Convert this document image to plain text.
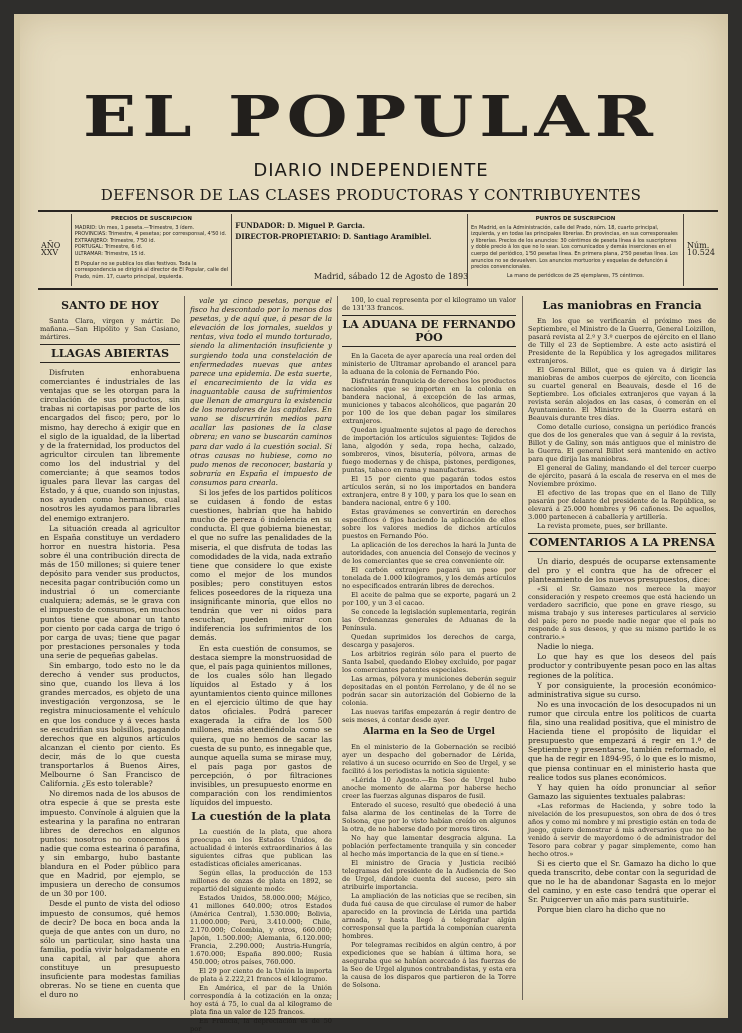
EL POPULAR
DIARIO INDEPENDIENTE
DEFENSOR DE LAS CLASES PRODUCTORAS Y CONTRIBUYENTES
AÑO XXV
PRECIOS DE SUSCRIPCION
MADRID: Un mes, 1 peseta.—Trimestre, 3 ídem.
PROVINCIAS: Trimestre, 4 pesetas; por corresponsal, 4'50 id.
EXTRANJERO: Trimestre, 7'50 id.
PORTUGAL: Trimestre, 6 id.
ULTRAMAR: Trimestre, 15 id.
El Popular no se publica los días festivos. Toda la correspondencia se dirigirá al director de El Popular, calle del Prado, núm. 17, cuarto principal, izquierda.
FUNDADOR: D. Miguel P. Garcia.
DIRECTOR-PROPIETARIO: D. Santiago Aramiblel.
PUNTOS DE SUSCRIPCION
En Madrid, en la Administración, calle del Prado, núm. 18, cuarto principal, izquierda, y en todas las principales librerías. En provincias, en sus corresponsales y librerías. Precios de los anuncios: 30 céntimos de peseta línea á los suscriptores y doble precio á los que no lo sean. Los comunicados y demás inserciones en el cuerpo del periódico, 1'50 pesetas línea. En primera plana, 2'50 pesetas línea. Los anuncios no se devuelven. Los anuncios mortuorios y esquelas de defunción á precios convencionales.
La mano de periódicos de 25 ejemplares, 75 céntimos.
Núm. 10.524
Madrid, sábado 12 de Agosto de 1893
SANTO DE HOY
Santa Clara, virgen y mártir. De mañana.—San Hipólito y San Casiano, mártires.
LLAGAS ABIERTAS
Disfruten enhorabuena comerciantes é industriales de las ventajas que se les otorgan para la circulación de sus productos, sin trabas ni cortapisas por parte de los encargados del fisco; pero, por lo mismo, hay derecho á exigir que en el siglo de la igualdad, de la libertad y de la fraternidad, los productos del agricultor circulen tan libremente como los del industrial y del comerciante; á que seamos todos iguales para llevar las cargas del Estado, y á que, cuando son injustas, nos ayuden como hermanos, cual nosotros les ayudamos para librarles del enemigo extranjero.
La situación creada al agricultor en España constituye un verdadero horror en nuestra historia. Pesa sobre él una contribución directa de más de 150 millones; si quiere tener depósito para vender sus productos, necesita pagar contribución como un industrial ó un comerciante cualquiera; además, se le grava con el impuesto de consumos, en muchos puntos tiene que abonar un tanto por ciento por cada carga de trigo ó por carga de uvas; tiene que pagar por prestaciones personales y toda una serie de pequeñas gabelas.
Sin embargo, todo esto no le da derecho á vender sus productos, sino que, cuando los lleva á los grandes mercados, es objeto de una investigación vergonzosa, se le registra minuciosamente el vehículo en que los conduce y á veces hasta se escudriñan sus bolsillos, pagando derechos que en algunos artículos alcanzan el ciento por ciento. Es decir, más de lo que cuesta transportarlos á Buenos Aires, Melbourne ó San Francisco de California. ¿Es esto tolerable?
No diremos nada de los abusos de otra especie á que se presta este impuesto. Convínole á alguien que la estearina y la parafina no entraran libres de derechos en algunos puntos: nosotros no conocemos á nadie que coma estearina ó parafina, y sin embargo, hubo bastante blandura en el Poder público para que en Madrid, por ejemplo, se impusiera un derecho de consumos de un 30 por 100.
Desde el punto de vista del odioso impuesto de consumos, qué hemos de decir? De boca en boca anda la queja de que antes con un duro, no sólo un particular, sino hasta una familia, podía vivir holgadamente en una capital, al par que ahora constituye un presupuesto insuficiente para modestas familias obreras. No se tiene en cuenta que el duro no
vale ya cinco pesetas, porque el fisco ha descontado por lo menos dos pesetas, y de aquí que, á pesar de la elevación de los jornales, sueldos y rentas, viva todo el mundo torturado, siendo la alimentación insuficiente y surgiendo toda una constelación de enfermedades nuevas que antes parece una epidemia. De esta suerte, el encarecimiento de la vida es inaguantable causa de sufrimientos que llenan de amargura la existencia de los moradores de las capitales. En vano se discurrirán medios para acallar las pasiones de la clase obrera; en vano se buscarán caminos para dar vado á la cuestión social. Si otras causas no hubiese, como no pudo menos de reconocer, bastaría y sobraría en España el impuesto de consumos para crearla.
Si los jefes de los partidos políticos se cuidasen á fondo de estas cuestiones, habrían que ha habido mucho de pereza ó indolencia en su conducta. El que gobierna bienestar, el que no sufre las penalidades de la miseria, el que disfruta de todas las comodidades de la vida, nada extraño tiene que considere lo que existe como el mejor de los mundos posibles; pero constituyen estos felices poseedores de la riqueza una insignificante minoría, que ellos no tendrán que ver ni oídos para escuchar, pueden mirar con indiferencia los sufrimientos de los demás.
En esta cuestión de consumos, se destaca siempre la monstruosidad de que, el país paga quinientos millones, de los cuales sólo han llegado líquidos al Estado y á los ayuntamientos ciento quince millones en el ejercicio último de que hay datos oficiales. Podrá parecer exagerada la cifra de los 500 millones, más atendiéndola como se quiera, que no hemos de sacar las cuesta de su punto, es innegable que, aunque aquella suma se mirase muy, el país paga por gastos de percepción, ó por filtraciones invisibles, un presupuesto enorme en comparación con los rendimientos líquidos del impuesto.
La cuestión de la plata
La cuestión de la plata, que ahora preocupa en los Estados Unidos, de actualidad é interés extraordinarios á las siguientes cifras que publican las estadísticas oficiales americanas.
Según ellas, la producción de 153 millones de onzas de plata en 1892, se repartió del siguiente modo:
Estados Unidos, 58.000.000; Méjico, 41 millones 640.000; otros Estados (América Central), 1.530.000; Bolivia, 11.000.000; Perú, 3.410.000; Chile, 2.170.000; Colombia, y otros, 660.000; Japón, 1.500.000; Alemania, 6.120.000; Francia, 2.290.000; Austria-Hungría, 1.670.000; España 890.000; Rusia 450.000; otros países, 760.000.
El 29 por ciento de la Unión la importa de plata á 2.222,21 francos el kilogramo.
En América, el par de la Unión correspondía á la cotización en la onza; hoy está á 75, lo cual da al kilogramo de plata fina un valor de 125 francos.
En Francia, la depreciación es de 50 por
100, lo cual representa por el kilogramo un valor de 131'33 francos.
LA ADUANA DE FERNANDO PÓO
En la Gaceta de ayer aparecía una real orden del ministerio de Ultramar aprobando el arancel para la aduana de la colonia de Fernando Póo.
Disfrutarán franquicia de derechos los productos nacionales que se importen en la colonia en bandera nacional, á excepción de las armas, municiones y tabacos alcohólicos, que pagarán 20 por 100 de los que deban pagar los similares extranjeros.
Quedan igualmente sujetos al pago de derechos de importación los artículos siguientes: Tejidos de lana, algodón y seda, ropa hecha, calzado, sombreros, vinos, bisutería, pólvora, armas de fuego modernas y de chispa, pistones, perdigones, puntas, tabaco en rama y manufacturas.
El 15 por ciento que pagarán todos estos artículos serán, si no los importados en bandera extranjera, entre 8 y 100, y para los que lo sean en bandera nacional, entre 6 y 100.
Estas gravámenes se convertirán en derechos específicos ó fijos haciendo la aplicación de ellos sobre los valores medios de dichos artículos puestos en Fernando Póo.
La aplicación de los derechos la hará la Junta de autoridades, con anuencia del Consejo de vecinos y de los comerciantes que se crea conveniente oír.
El carbón extranjero pagará un peso por tonelada de 1.000 kilogramos, y los demás artículos no especificados entrarán libres de derechos.
El aceite de palma que se exporte, pagará un 2 por 100, y un 3 el cacao.
Se concede la legislación suplementaria, regirán las Ordenanzas generales de Aduanas de la Península.
Quedan suprimidos los derechos de carga, descarga y pasajeros.
Los arbitrios regirán sólo para el puerto de Santa Isabel, quedando Elobey excluido, por pagar los comerciantes patentes especiales.
Las armas, pólvora y municiones deberán seguir depositadas en el pontón Ferrolano, y de él no se podrán sacar sin autorización del Gobierno de la colonia.
Las nuevas tarifas empezarán á regir dentro de seis meses, á contar desde ayer.
Alarma en la Seo de Urgel
En el ministerio de la Gobernación se recibió ayer un despacho del gobernador de Lérida, relativo á un suceso ocurrido en Seo de Urgel, y se facilitó á los periodistas la noticia siguiente:
«Lérida 10 Agosto.—En Seo de Urgel hubo anoche momento de alarma por haberse hecho creer las fuerzas algunas disparos de fusil.
Enterado el suceso, resultó que obedeció á una falsa alarma de los centinelas de la Torre de Solsona, que por lo visto habían creído en algunos la otra, de no haberse dado por moros tiros.
No hay que lamentar desgracia alguna. La población perfectamente tranquila y sin conceder al hecho más importancia de la que en sí tiene.»
El ministro de Gracia y Justicia recibió telegramas del presidente de la Audiencia de Seo de Urgel, dándole cuenta del suceso, pero sin atribuirle importancia.
La ampliación de las noticias que se reciben, sin duda fué causa de que circulase el rumor de haber aparecido en la provincia de Lérida una partida armada, y hasta llegó á telegrafiar algún corresponsal que la partida la componían cuarenta hombres.
Por telegramas recibidos en algún centro, á por expediciones que se habían á última hora, se aseguraba que se habían acercado á las fuerzas de la Seo de Urgel algunos contrabandistas, y esta era la causa de los disparos que partieron de la Torre de Solsona.
Las maniobras en Francia
En los que se verificarán el próximo mes de Septiembre, el Ministro de la Guerra, General Loizillon, pasará revista al 2.º y 3.º cuerpos de ejército en el llano de Tilly el 23 de Septiembre. A este acto asistirá el Presidente de la República y los agregados militares extranjeros.
El General Billot, que es quien va á dirigir las maniobras de ambos cuerpos de ejército, con licencia su cuartel general en Beauvais, desde el 16 de Septiembre. Los oficiales extranjeros que vayan á la revista serán alojados en las casas, ó comerán en el Ayuntamiento. El Ministro de la Guerra estará en Beauvais durante tres días.
Como detalle curioso, consigna un periódico francés que dos de los generales que van á seguir á la revista, Billot y de Galiny, son más antiguos que el ministro de la Guerra. El general Billot será mantenido en activo para que dirija las maniobras.
El general de Galiny, mandando el del tercer cuerpo de ejército, pasará á la escala de reserva en el mes de Noviembre próximo.
El efectivo de las tropas que en el llano de Tilly pasarán por delante del presidente de la República, se elevará á 25.000 hombres y 96 cañones. De aquellos, 3.000 partenecen á caballería y artillería.
La revista promete, pues, ser brillante.
COMENTARIOS A LA PRENSA
Un diario, después de ocuparse extensamente del pro y el contra que ha de ofrecer el planteamiento de los nuevos presupuestos, dice:
«Si el Sr. Gamazo nos merece la mayor consideración y respeto creemos que está haciendo un verdadero sacrificio, que pone en grave riesgo, su misma trabajo y sus intereses particulares al servicio del país; pero no puede nadie negar que el país no responde á sus deseos, y que su mismo partido le es contrario.»
Nadie lo niega.
Lo que hay es que los deseos del país productor y contribuyente pesan poco en las altas regiones de la política.
Y por consiguiente, la procesión económico-administrativa sigue su curso.
No es una invocación de los desocupados ni un rumor que circula entre los políticos de cuarta fila, sino una realidad positiva, que el ministro de Hacienda tiene el propósito de liquidar el presupuesto que empezará á regir en 1.º de Septiembre y presentarse, también reformado, el que ha de regir en 1894-95, ó lo que es lo mismo, que piensa continuar en el ministerio hasta que realice todos sus planes económicos.
Y hay quien ha oído pronunciar al señor Gamazo las siguientes textuales palabras:
«Las reformas de Hacienda, y sobre todo la nivelación de los presupuestos, son obra de dos ó tres años y como mi nombre y mi prestigio están en toda de juego, quiero demostrar á mis adversarios que no he venido á servir de mayordomo ó de administrador del Tesoro para cobrar y pagar simplemente, como han hecho otros.»
Si es cierto que el Sr. Gamazo ha dicho lo que queda transcrito, debe contar con la seguridad de que no le ha de abandonar Sagasta en lo mejor del camino, y en este caso tendrá que operar el Sr. Puigcerver un año más para sustituirle.
Porque bien claro ha dicho que no
